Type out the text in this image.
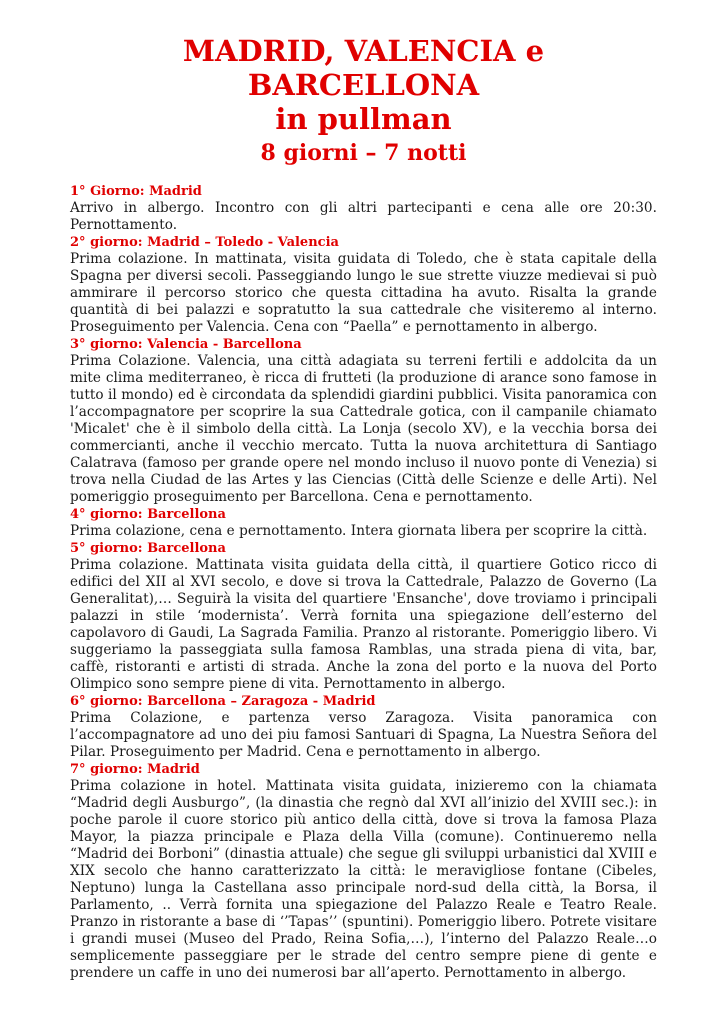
MADRID, VALENCIA e BARCELLONA
in pullman
8 giorni – 7 notti

1° Giorno: Madrid

Arrivo in albergo. Incontro con gli altri partecipanti e cena alle ore 20:30. Pernottamento.

2° giorno: Madrid – Toledo - Valencia

Prima colazione. In mattinata, visita guidata di Toledo, che è stata capitale della Spagna per diversi secoli. Passeggiando lungo le sue strette viuzze medievai si può ammirare il percorso storico che questa cittadina ha avuto. Risalta la grande quantità di bei palazzi e sopratutto la sua cattedrale che visiteremo al interno. Proseguimento per Valencia. Cena con “Paella” e pernottamento in albergo.

3° giorno: Valencia - Barcellona

Prima Colazione. Valencia, una città adagiata su terreni fertili e addolcita da un mite clima mediterraneo, è ricca di frutteti (la produzione di arance sono famose in tutto il mondo) ed è circondata da splendidi giardini pubblici. Visita panoramica con l’accompagnatore per scoprire la sua Cattedrale gotica, con il campanile chiamato 'Micalet' che è il simbolo della città. La Lonja (secolo XV), e la vecchia borsa dei commercianti, anche il vecchio mercato. Tutta la nuova architettura di Santiago Calatrava (famoso per grande opere nel mondo incluso il nuovo ponte di Venezia) si trova nella Ciudad de las Artes y las Ciencias (Città delle Scienze e delle Arti). Nel pomeriggio proseguimento per Barcellona. Cena e pernottamento.

4° giorno: Barcellona

Prima colazione, cena e pernottamento. Intera giornata libera per scoprire la città.

5° giorno: Barcellona

Prima colazione. Mattinata visita guidata della città, il quartiere Gotico ricco di edifici del XII al XVI secolo, e dove si trova la Cattedrale, Palazzo de Governo (La Generalitat),… Seguirà la visita del quartiere 'Ensanche', dove troviamo i principali palazzi in stile ‘modernista’. Verrà fornita una spiegazione dell’esterno del capolavoro di Gaudi, La Sagrada Familia. Pranzo al ristorante. Pomeriggio libero. Vi suggeriamo la passeggiata sulla famosa Ramblas, una strada piena di vita, bar, caffè, ristoranti e artisti di strada. Anche la zona del porto e la nuova del Porto Olimpico sono sempre piene di vita. Pernottamento in albergo.

6° giorno: Barcellona – Zaragoza - Madrid

Prima Colazione, e partenza verso Zaragoza. Visita panoramica con l’accompagnatore ad uno dei piu famosi Santuari di Spagna, La Nuestra Señora del Pilar. Proseguimento per Madrid. Cena e pernottamento in albergo.

7° giorno: Madrid

Prima colazione in hotel. Mattinata visita guidata, inizieremo con la chiamata “Madrid degli Ausburgo”, (la dinastia che regnò dal XVI all’inizio del XVIII sec.): in poche parole il cuore storico più antico della città, dove si trova la famosa Plaza Mayor, la piazza principale e Plaza della Villa (comune). Continueremo nella “Madrid dei Borboni” (dinastia attuale) che segue gli sviluppi urbanistici dal XVIII e XIX secolo che hanno caratterizzato la città: le meravigliose fontane (Cibeles, Neptuno) lunga la Castellana asso principale nord-sud della città, la Borsa, il Parlamento, .. Verrà fornita una spiegazione del Palazzo Reale e Teatro Reale. Pranzo in ristorante a base di ‘’Tapas’’ (spuntini). Pomeriggio libero. Potrete visitare i grandi musei (Museo del Prado, Reina Sofia,…), l’interno del Palazzo Reale…o semplicemente passeggiare per le strade del centro sempre piene di gente e prendere un caffe in uno dei numerosi bar all’aperto. Pernottamento in albergo.
